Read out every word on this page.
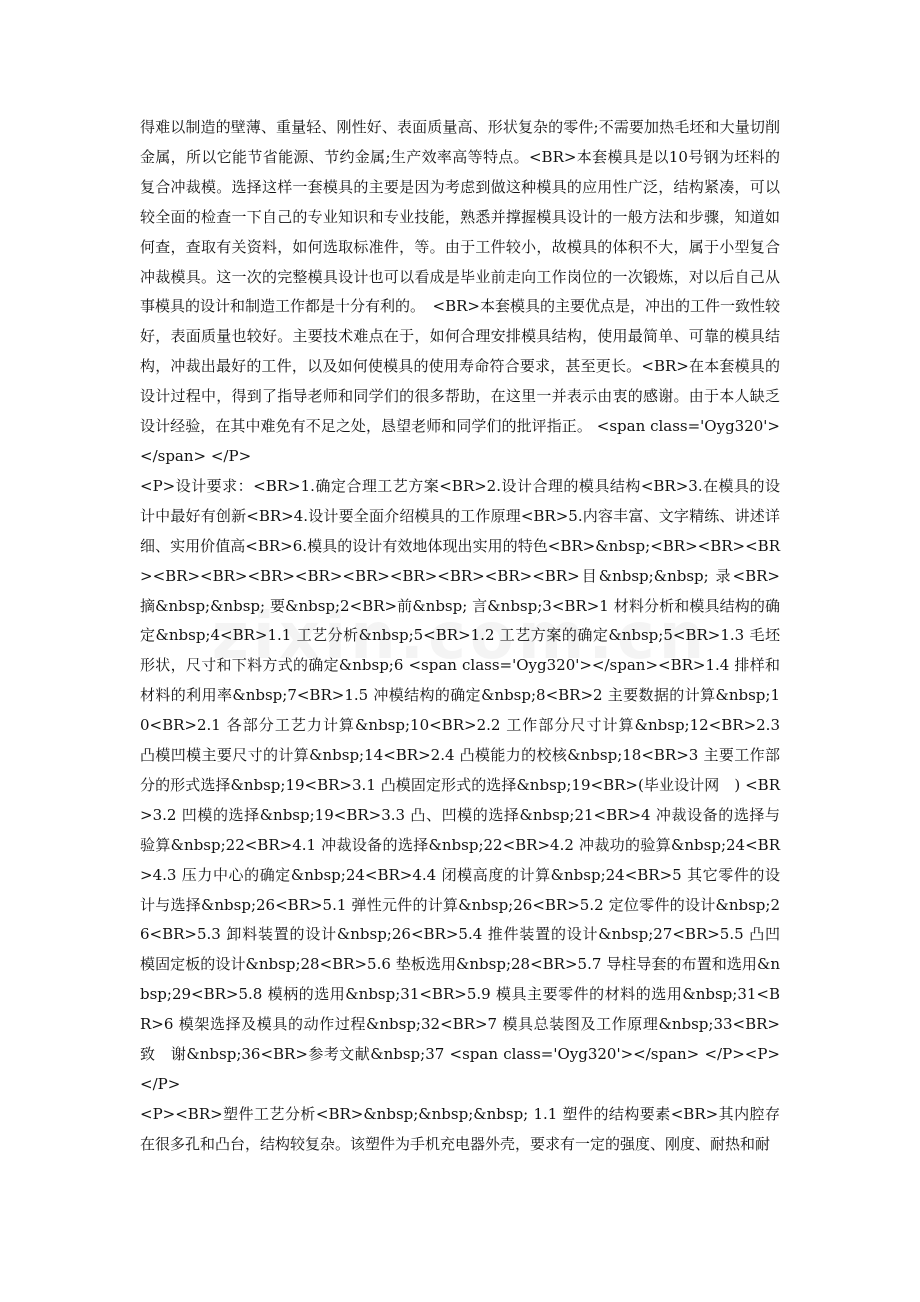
得难以制造的壁薄、重量轻、刚性好、表面质量高、形状复杂的零件;不需要加热毛坯和大量切削金属，所以它能节省能源、节约金属;生产效率高等特点。<BR>本套模具是以10号钢为坯料的复合冲裁模。选择这样一套模具的主要是因为考虑到做这种模具的应用性广泛，结构紧凑，可以较全面的检查一下自己的专业知识和专业技能，熟悉并撑握模具设计的一般方法和步骤，知道如何查，查取有关资料，如何选取标准件，等。由于工件较小，故模具的体积不大，属于小型复合冲裁模具。这一次的完整模具设计也可以看成是毕业前走向工作岗位的一次锻炼，对以后自己从事模具的设计和制造工作都是十分有利的。　<BR>本套模具的主要优点是，冲出的工件一致性较好，表面质量也较好。主要技术难点在于，如何合理安排模具结构，使用最简单、可靠的模具结构，冲裁出最好的工件，以及如何使模具的使用寿命符合要求，甚至更长。<BR>在本套模具的设计过程中，得到了指导老师和同学们的很多帮助，在这里一并表示由衷的感谢。由于本人缺乏设计经验，在其中难免有不足之处，恳望老师和同学们的批评指正。 <span class='Oyg320'></span> </P>

<P>设计要求：<BR>1.确定合理工艺方案<BR>2.设计合理的模具结构<BR>3.在模具的设计中最好有创新<BR>4.设计要全面介绍模具的工作原理<BR>5.内容丰富、文字精练、讲述详细、实用价值高<BR>6.模具的设计有效地体现出实用的特色<BR>&nbsp;<BR><BR><BR><BR><BR><BR><BR><BR><BR><BR><BR><BR>目&nbsp;&nbsp; 录<BR>摘&nbsp;&nbsp; 要&nbsp;2<BR>前&nbsp; 言&nbsp;3<BR>1 材料分析和模具结构的确定&nbsp;4<BR>1.1 工艺分析&nbsp;5<BR>1.2 工艺方案的确定&nbsp;5<BR>1.3 毛坯形状，尺寸和下料方式的确定&nbsp;6 <span class='Oyg320'></span><BR>1.4 排样和材料的利用率&nbsp;7<BR>1.5 冲模结构的确定&nbsp;8<BR>2 主要数据的计算&nbsp;10<BR>2.1 各部分工艺力计算&nbsp;10<BR>2.2 工作部分尺寸计算&nbsp;12<BR>2.3 凸模凹模主要尺寸的计算&nbsp;14<BR>2.4 凸模能力的校核&nbsp;18<BR>3 主要工作部分的形式选择&nbsp;19<BR>3.1 凸模固定形式的选择&nbsp;19<BR>(毕业设计网　) <BR>3.2 凹模的选择&nbsp;19<BR>3.3 凸、凹模的选择&nbsp;21<BR>4 冲裁设备的选择与验算&nbsp;22<BR>4.1 冲裁设备的选择&nbsp;22<BR>4.2 冲裁功的验算&nbsp;24<BR>4.3 压力中心的确定&nbsp;24<BR>4.4 闭模高度的计算&nbsp;24<BR>5 其它零件的设计与选择&nbsp;26<BR>5.1 弹性元件的计算&nbsp;26<BR>5.2 定位零件的设计&nbsp;26<BR>5.3 卸料装置的设计&nbsp;26<BR>5.4 推件装置的设计&nbsp;27<BR>5.5 凸凹模固定板的设计&nbsp;28<BR>5.6 垫板选用&nbsp;28<BR>5.7 导柱导套的布置和选用&nbsp;29<BR>5.8 模柄的选用&nbsp;31<BR>5.9 模具主要零件的材料的选用&nbsp;31<BR>6 模架选择及模具的动作过程&nbsp;32<BR>7 模具总装图及工作原理&nbsp;33<BR>致　谢&nbsp;36<BR>参考文献&nbsp;37 <span class='Oyg320'></span> </P><P></P>

<P><BR>塑件工艺分析<BR>&nbsp;&nbsp;&nbsp; 1.1 塑件的结构要素<BR>其内腔存在很多孔和凸台，结构较复杂。该塑件为手机充电器外壳，要求有一定的强度、刚度、耐热和耐
